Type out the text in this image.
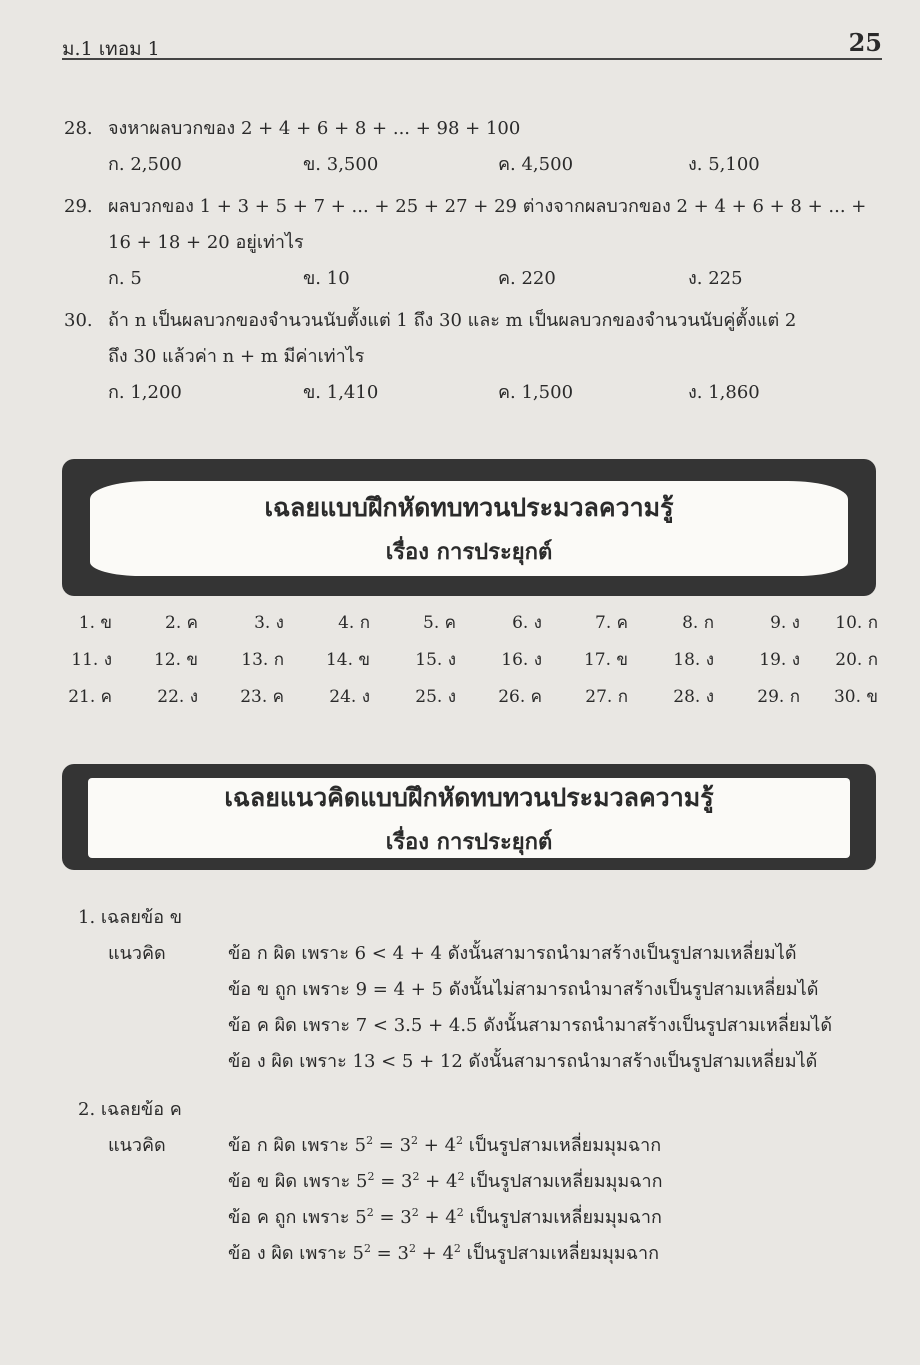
ม.1 เทอม 1	25
28. จงหาผลบวกของ 2 + 4 + 6 + 8 + ... + 98 + 100
ก. 2,500	ข. 3,500	ค. 4,500	ง. 5,100
29. ผลบวกของ 1 + 3 + 5 + 7 + ... + 25 + 27 + 29 ต่างจากผลบวกของ 2 + 4 + 6 + 8 + ... +
16 + 18 + 20 อยู่เท่าไร
ก. 5	ข. 10	ค. 220	ง. 225
30. ถ้า n เป็นผลบวกของจำนวนนับตั้งแต่ 1 ถึง 30 และ m เป็นผลบวกของจำนวนนับคู่ตั้งแต่ 2
ถึง 30 แล้วค่า n + m มีค่าเท่าไร
ก. 1,200	ข. 1,410	ค. 1,500	ง. 1,860
เฉลยแบบฝึกหัดทบทวนประมวลความรู้
เรื่อง การประยุกต์
1. ข	2. ค	3. ง	4. ก	5. ค	6. ง	7. ค	8. ก	9. ง	10. ก
11. ง	12. ข	13. ก	14. ข	15. ง	16. ง	17. ข	18. ง	19. ง	20. ก
21. ค	22. ง	23. ค	24. ง	25. ง	26. ค	27. ก	28. ง	29. ก	30. ข
เฉลยแนวคิดแบบฝึกหัดทบทวนประมวลความรู้
เรื่อง การประยุกต์
1. เฉลยข้อ ข
แนวคิด	ข้อ ก ผิด เพราะ 6 < 4 + 4 ดังนั้นสามารถนำมาสร้างเป็นรูปสามเหลี่ยมได้
ข้อ ข ถูก เพราะ 9 = 4 + 5 ดังนั้นไม่สามารถนำมาสร้างเป็นรูปสามเหลี่ยมได้
ข้อ ค ผิด เพราะ 7 < 3.5 + 4.5 ดังนั้นสามารถนำมาสร้างเป็นรูปสามเหลี่ยมได้
ข้อ ง ผิด เพราะ 13 < 5 + 12 ดังนั้นสามารถนำมาสร้างเป็นรูปสามเหลี่ยมได้
2. เฉลยข้อ ค
แนวคิด	ข้อ ก ผิด เพราะ $5^2 = 3^2 + 4^2$ เป็นรูปสามเหลี่ยมมุมฉาก
ข้อ ข ผิด เพราะ $5^2 = 3^2 + 4^2$ เป็นรูปสามเหลี่ยมมุมฉาก
ข้อ ค ถูก เพราะ $5^2 = 3^2 + 4^2$ เป็นรูปสามเหลี่ยมมุมฉาก
ข้อ ง ผิด เพราะ $5^2 = 3^2 + 4^2$ เป็นรูปสามเหลี่ยมมุมฉาก
